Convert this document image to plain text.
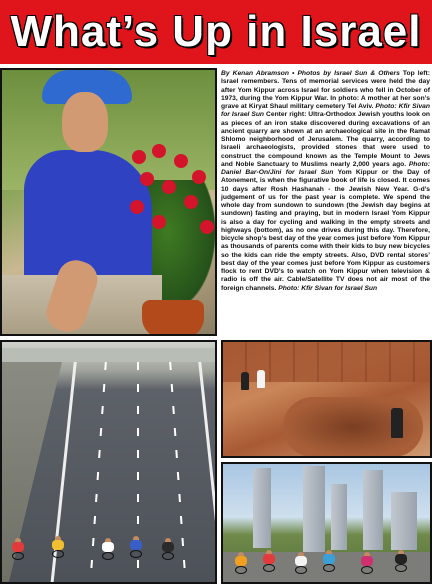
What’s Up in Israel
By Kenan Abramson • Photos by Israel Sun & Others Top left: Israel remembers. Tens of memorial services were held the day after Yom Kippur across Israel for soldiers who fell in October of 1973, during the Yom Kippur War. In photo: A mother at her son’s grave at Kiryat Shaul military cemetery Tel Aviv. Photo: Kfir Sivan for Israel Sun Center right: Ultra-Orthodox Jewish youths look on as pieces of an iron stake discovered during excavations of an ancient quarry are shown at an archaeological site in the Ramat Shlomo neighborhood of Jerusalem. The quarry, according to Israeli archaeologists, provided stones that were used to construct the compound known as the Temple Mount to Jews and Noble Sanctuary to Muslims nearly 2,000 years ago. Photo: Daniel Bar-On/Jini for Israel Sun Yom Kippur or the Day of Atonement, is when the figurative book of life is closed. It comes 10 days after Rosh Hashanah - the Jewish New Year. G-d’s judgement of us for the past year is complete. We spend the whole day from sundown to sundown (the Jewish day begins at sundown) fasting and praying, but in modern Israel Yom Kippur is also a day for cycling and walking in the empty streets and highways (bottom), as no one drives during this day. Therefore, bicycle shop’s best day of the year comes just before Yom Kippur as thousands of parents come with their kids to buy new bicycles so the kids can ride the empty streets. Also, DVD rental stores’ best day of the year comes just before Yom Kippur as customers flock to rent DVD’s to watch on Yom Kippur when television & radio is off the air. Cable/Satellite TV does not air most of the foreign channels. Photo: Kfir Sivan for Israel Sun
